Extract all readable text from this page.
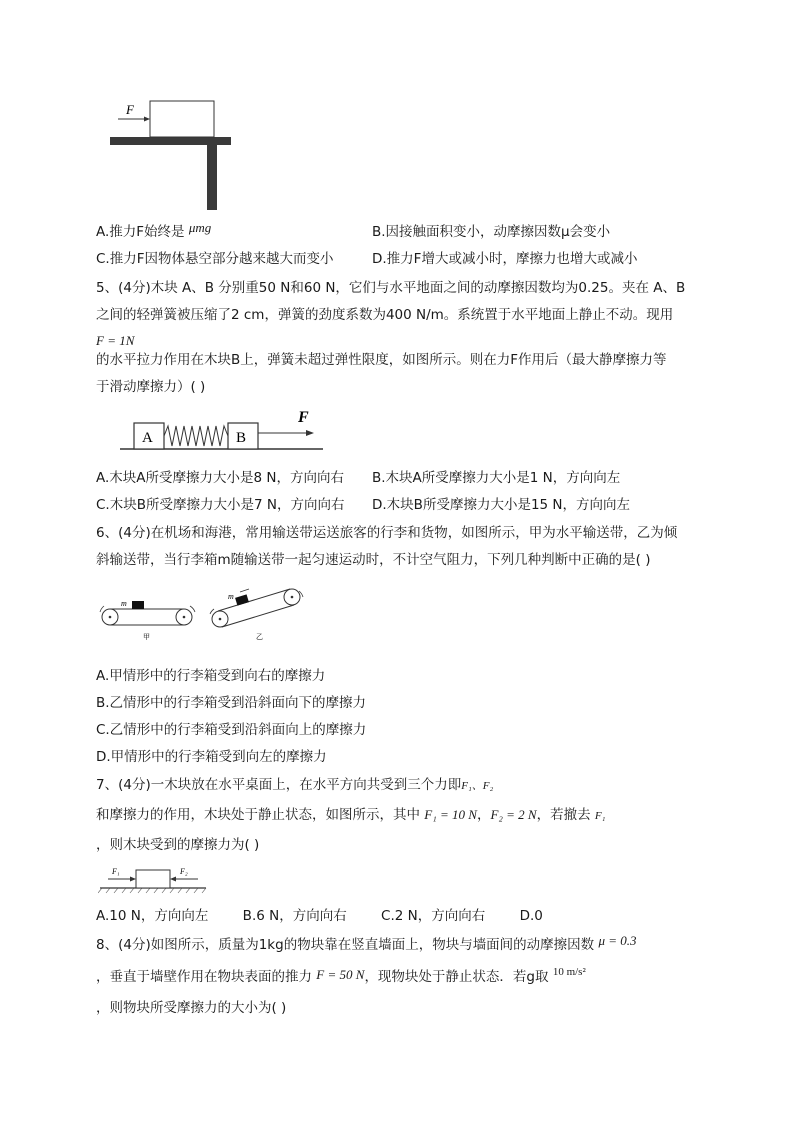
F
A.推力F始终是 μmg	B.因接触面积变小，动摩擦因数μ会变小
C.推力F因物体悬空部分越来越大而变小	D.推力F增大或减小时，摩擦力也增大或减小
5、(4分)木块 A、B 分别重50 N和60 N，它们与水平地面之间的动摩擦因数均为0.25。夹在 A、B
之间的轻弹簧被压缩了2 cm，弹簧的劲度系数为400 N/m。系统置于水平地面上静止不动。现用
F = 1N
的水平拉力作用在木块B上，弹簧未超过弹性限度，如图所示。则在力F作用后（最大静摩擦力等
于滑动摩擦力）( )
A	B
F
A.木块A所受摩擦力大小是8 N，方向向右 B.木块A所受摩擦力大小是1 N，方向向左
C.木块B所受摩擦力大小是7 N，方向向右 D.木块B所受摩擦力大小是15 N，方向向左
6、(4分)在机场和海港，常用输送带运送旅客的行李和货物，如图所示，甲为水平输送带，乙为倾
斜输送带，当行李箱m随输送带一起匀速运动时，不计空气阻力，下列几种判断中正确的是( )
m
甲
m
乙
A.甲情形中的行李箱受到向右的摩擦力
B.乙情形中的行李箱受到沿斜面向下的摩擦力
C.乙情形中的行李箱受到沿斜面向上的摩擦力
D.甲情形中的行李箱受到向左的摩擦力
7、(4分)一木块放在水平桌面上，在水平方向共受到三个力即F₁、F₂
和摩擦力的作用，木块处于静止状态，如图所示，其中 F₁ = 10 N，F₂ = 2 N，若撤去 F₁
，则木块受到的摩擦力为( )
F₁	F₂
A.10 N，方向向左        B.6 N，方向向右        C.2 N，方向向右        D.0
8、(4分)如图所示，质量为1kg的物块靠在竖直墙面上，物块与墙面间的动摩擦因数 μ = 0.3
，垂直于墙壁作用在物块表面的推力 F = 50 N，现物块处于静止状态．若g取 $^{10 m/s^2}$
，则物块所受摩擦力的大小为( )
